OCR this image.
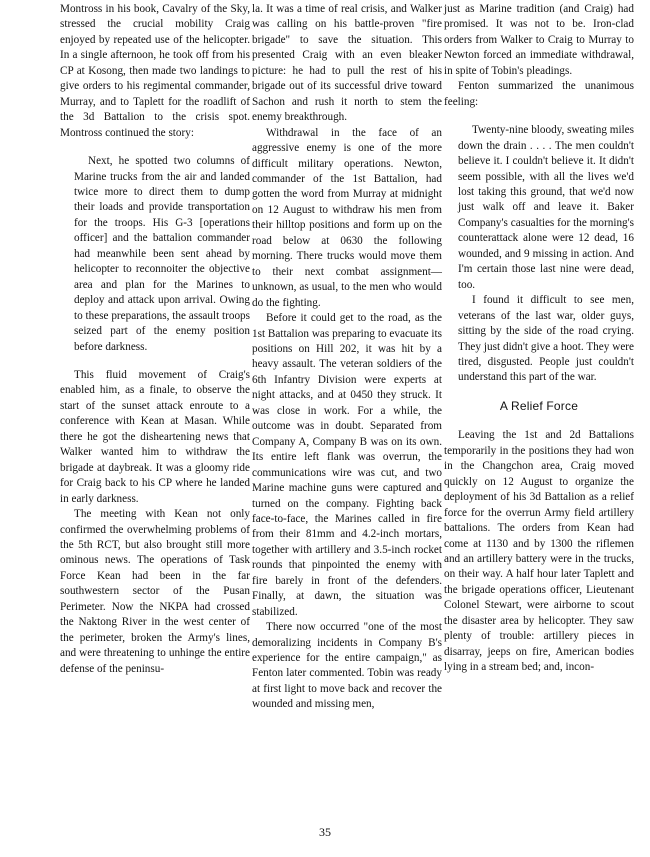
Montross in his book, Cavalry of the Sky, stressed the crucial mobility Craig enjoyed by repeated use of the helicopter. In a single afternoon, he took off from his CP at Kosong, then made two landings to give orders to his regimental commander, Murray, and to Taplett for the roadlift of the 3d Battalion to the crisis spot. Montross continued the story:

Next, he spotted two columns of Marine trucks from the air and landed twice more to direct them to dump their loads and provide transportation for the troops. His G-3 [operations officer] and the battalion commander had meanwhile been sent ahead by helicopter to reconnoiter the objective area and plan for the Marines to deploy and attack upon arrival. Owing to these preparations, the assault troops seized part of the enemy position before darkness.

This fluid movement of Craig's enabled him, as a finale, to observe the start of the sunset attack enroute to a conference with Kean at Masan. While there he got the disheartening news that Walker wanted him to withdraw the brigade at daybreak. It was a gloomy ride for Craig back to his CP where he landed in early darkness.

The meeting with Kean not only confirmed the overwhelming problems of the 5th RCT, but also brought still more ominous news. The operations of Task Force Kean had been in the far southwestern sector of the Pusan Perimeter. Now the NKPA had crossed the Naktong River in the west center of the perimeter, broken the Army's lines, and were threatening to unhinge the entire defense of the peninsu-

la. It was a time of real crisis, and Walker was calling on his battle-proven "fire brigade" to save the situation. This presented Craig with an even bleaker picture: he had to pull the rest of his brigade out of its successful drive toward Sachon and rush it north to stem the enemy breakthrough.

Withdrawal in the face of an aggressive enemy is one of the more difficult military operations. Newton, commander of the 1st Battalion, had gotten the word from Murray at midnight on 12 August to withdraw his men from their hilltop positions and form up on the road below at 0630 the following morning. There trucks would move them to their next combat assignment—unknown, as usual, to the men who would do the fighting.

Before it could get to the road, as the 1st Battalion was preparing to evacuate its positions on Hill 202, it was hit by a heavy assault. The veteran soldiers of the 6th Infantry Division were experts at night attacks, and at 0450 they struck. It was close in work. For a while, the outcome was in doubt. Separated from Company A, Company B was on its own. Its entire left flank was overrun, the communications wire was cut, and two Marine machine guns were captured and turned on the company. Fighting back face-to-face, the Marines called in fire from their 81mm and 4.2-inch mortars, together with artillery and 3.5-inch rocket rounds that pinpointed the enemy with fire barely in front of the defenders. Finally, at dawn, the situation was stabilized.

There now occurred "one of the most demoralizing incidents in Company B's experience for the entire campaign," as Fenton later commented. Tobin was ready at first light to move back and recover the wounded and missing men,

just as Marine tradition (and Craig) had promised. It was not to be. Iron-clad orders from Walker to Craig to Murray to Newton forced an immediate withdrawal, in spite of Tobin's pleadings.

Fenton summarized the unanimous feeling:

Twenty-nine bloody, sweating miles down the drain . . . . The men couldn't believe it. I couldn't believe it. It didn't seem possible, with all the lives we'd lost taking this ground, that we'd now just walk off and leave it. Baker Company's casualties for the morning's counterattack alone were 12 dead, 16 wounded, and 9 missing in action. And I'm certain those last nine were dead, too.

I found it difficult to see men, veterans of the last war, older guys, sitting by the side of the road crying. They just didn't give a hoot. They were tired, disgusted. People just couldn't understand this part of the war.

A Relief Force

Leaving the 1st and 2d Battalions temporarily in the positions they had won in the Changchon area, Craig moved quickly on 12 August to organize the deployment of his 3d Battalion as a relief force for the overrun Army field artillery battalions. The orders from Kean had come at 1130 and by 1300 the riflemen and an artillery battery were in the trucks, on their way. A half hour later Taplett and the brigade operations officer, Lieutenant Colonel Stewart, were airborne to scout the disaster area by helicopter. They saw plenty of trouble: artillery pieces in disarray, jeeps on fire, American bodies lying in a stream bed; and, incon-

35
